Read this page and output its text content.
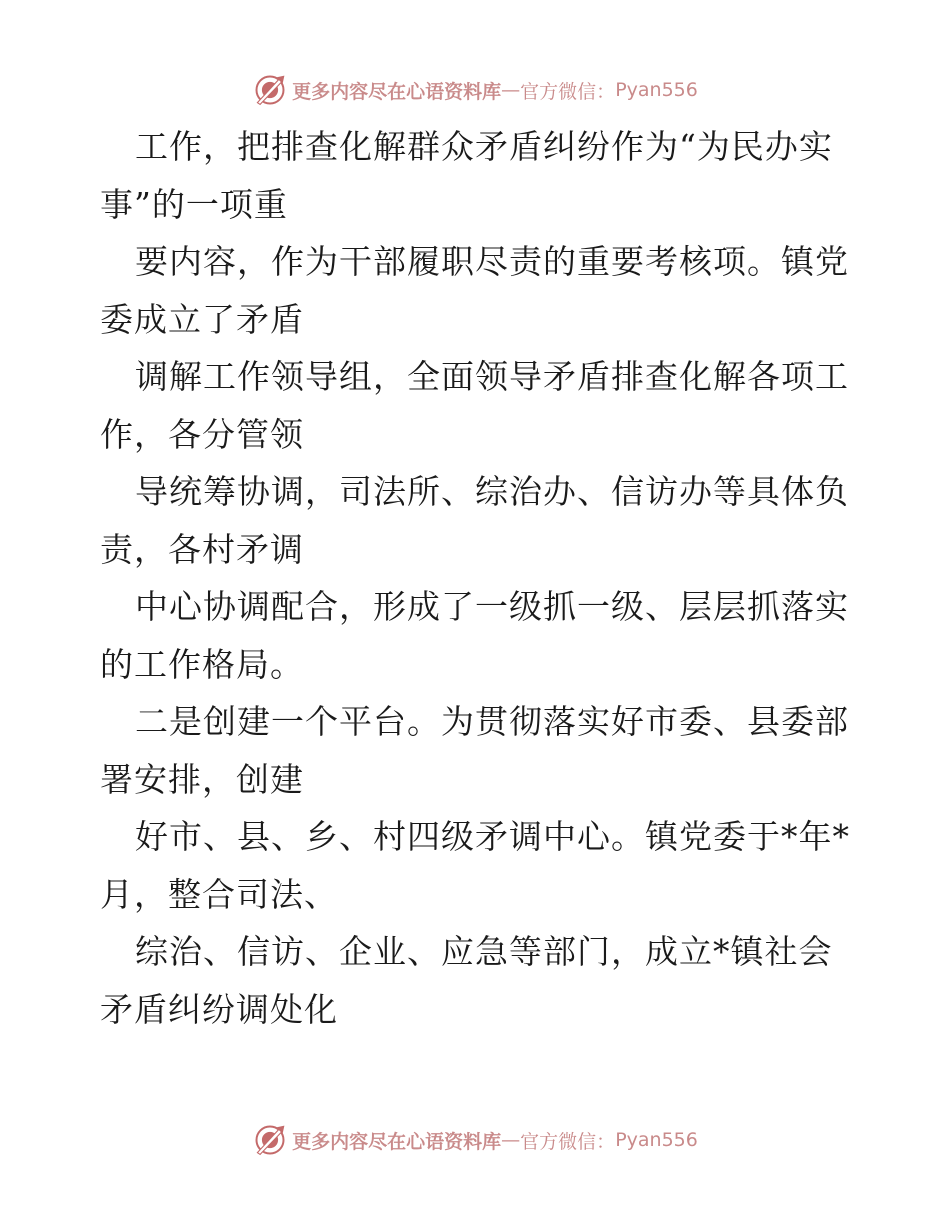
更多内容尽在心语资料库 — 官方微信： Pyan556
工作，把排查化解群众矛盾纠纷作为“为民办实
事”的一项重
要内容，作为干部履职尽责的重要考核项。镇党
委成立了矛盾
调解工作领导组，全面领导矛盾排查化解各项工
作，各分管领
导统筹协调，司法所、综治办、信访办等具体负
责，各村矛调
中心协调配合，形成了一级抓一级、层层抓落实
的工作格局。
二是创建一个平台。为贯彻落实好市委、县委部
署安排，创建
好市、县、乡、村四级矛调中心。镇党委于*年*
月，整合司法、
综治、信访、企业、应急等部门，成立*镇社会
矛盾纠纷调处化
更多内容尽在心语资料库 — 官方微信： Pyan556
